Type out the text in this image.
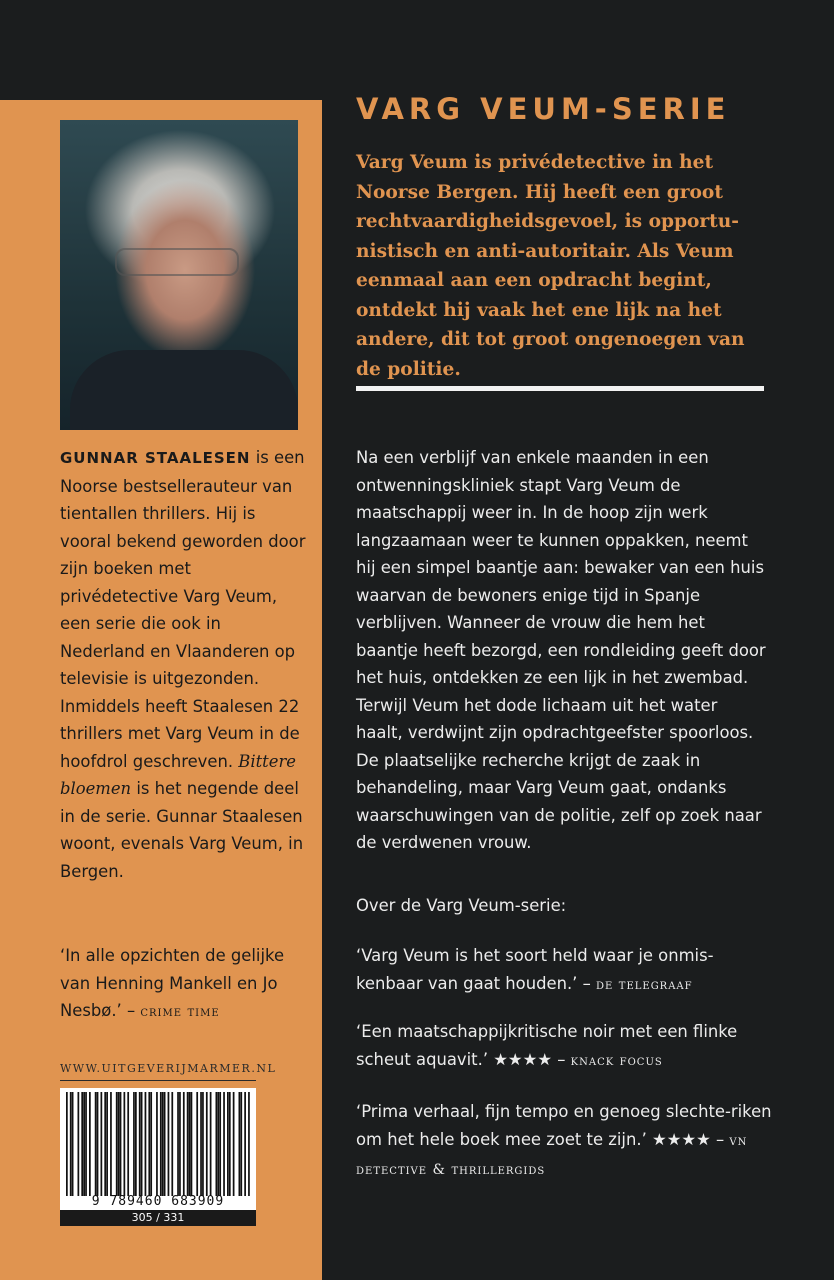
GUNNAR STAALESEN is een Noorse bestsellerauteur van tientallen thrillers. Hij is vooral bekend geworden door zijn boeken met privédetective Varg Veum, een serie die ook in Nederland en Vlaanderen op televisie is uitgezonden. Inmiddels heeft Staalesen 22 thrillers met Varg Veum in de hoofdrol geschreven. Bittere bloemen is het negende deel in de serie. Gunnar Staalesen woont, evenals Varg Veum, in Bergen.
‘In alle opzichten de gelijke van Henning Mankell en Jo Nesbø.’ – crime time
WWW.UITGEVERIJMARMER.NL
9 789460 683909
305 / 331
VARG VEUM-SERIE
Varg Veum is privédetective in het Noorse Bergen. Hij heeft een groot rechtvaardigheidsgevoel, is opportu-nistisch en anti-autoritair. Als Veum eenmaal aan een opdracht begint, ontdekt hij vaak het ene lijk na het andere, dit tot groot ongenoegen van de politie.
Na een verblijf van enkele maanden in een ontwenningskliniek stapt Varg Veum de maatschappij weer in. In de hoop zijn werk langzaamaan weer te kunnen oppakken, neemt hij een simpel baantje aan: bewaker van een huis waarvan de bewoners enige tijd in Spanje verblijven. Wanneer de vrouw die hem het baantje heeft bezorgd, een rondleiding geeft door het huis, ontdekken ze een lijk in het zwembad. Terwijl Veum het dode lichaam uit het water haalt, verdwijnt zijn opdrachtgeefster spoorloos. De plaatselijke recherche krijgt de zaak in behandeling, maar Varg Veum gaat, ondanks waarschuwingen van de politie, zelf op zoek naar de verdwenen vrouw.
Over de Varg Veum-serie:
‘Varg Veum is het soort held waar je onmis-kenbaar van gaat houden.’ – de telegraaf
‘Een maatschappijkritische noir met een flinke scheut aquavit.’ ★★★★ – knack focus
‘Prima verhaal, fijn tempo en genoeg slechte-riken om het hele boek mee zoet te zijn.’ ★★★★ – vn detective & thrillergids
